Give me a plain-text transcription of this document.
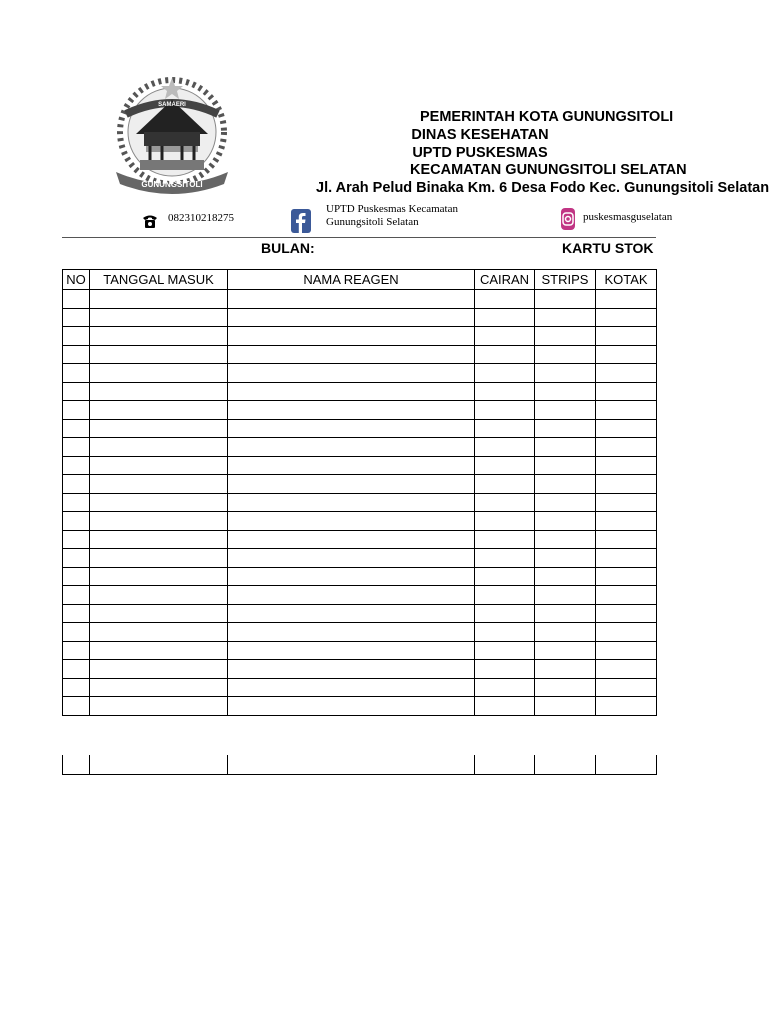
GUNUNGSITOLI
SAMAERI
PEMERINTAH KOTA GUNUNGSITOLI
DINAS KESEHATAN
UPTD PUSKESMAS
KECAMATAN GUNUNGSITOLI SELATAN
Jl. Arah Pelud Binaka Km. 6 Desa Fodo Kec. Gunungsitoli Selatan
082310218275
UPTD Puskesmas Kecamatan
Gunungsitoli Selatan	puskesmasguselatan
BULAN:	KARTU STOK
NO	TANGGAL MASUK	NAMA REAGEN	CAIRAN	STRIPS	KOTAK
